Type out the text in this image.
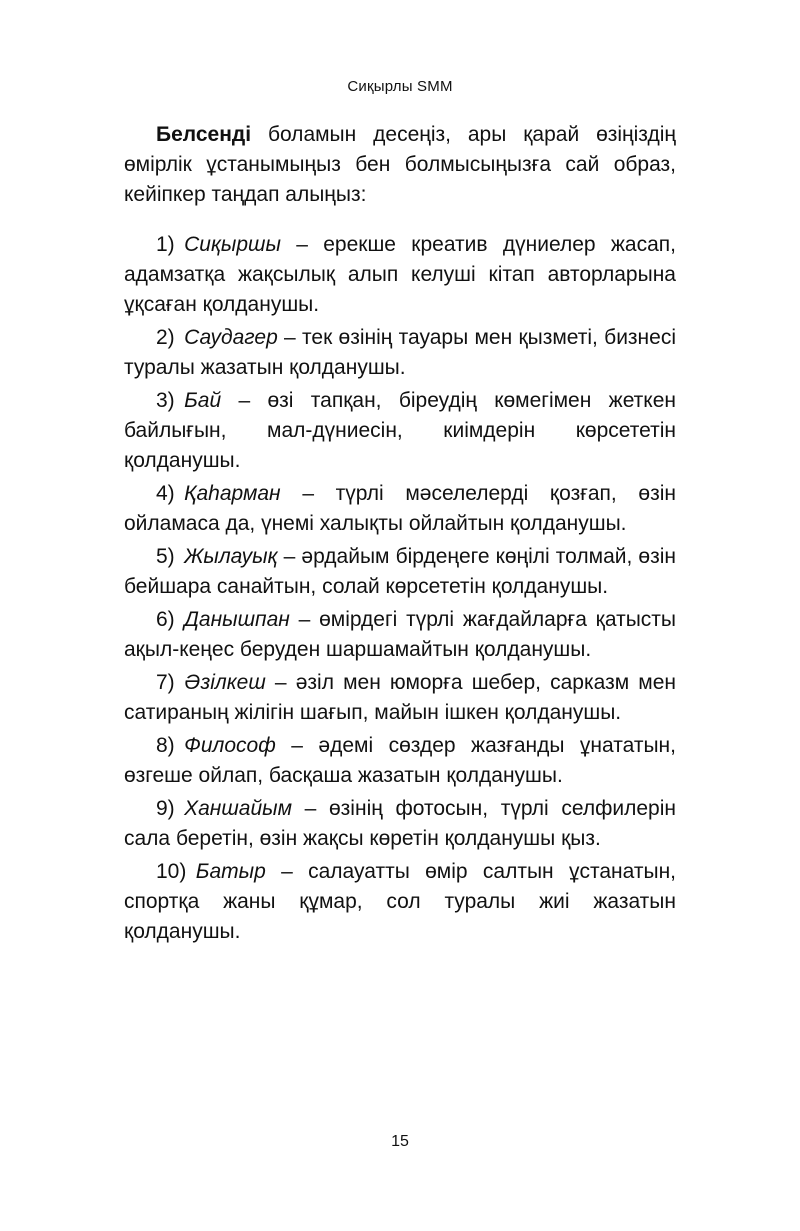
Сиқырлы SMM

Белсенді боламын десеңіз, ары қарай өзіңіздің өмірлік ұстанымыңыз бен болмысыңызға сай образ, кейіпкер таңдап алыңыз:

1) Сиқыршы – ерекше креатив дүниелер жасап, адамзатқа жақсылық алып келуші кітап авторларына ұқсаған қолданушы.
2) Саудагер – тек өзінің тауары мен қызметі, бизнесі туралы жазатын қолданушы.
3) Бай – өзі тапқан, біреудің көмегімен жеткен байлығын, мал-дүниесін, киімдерін көрсететін қолданушы.
4) Қаһарман – түрлі мәселелерді қозғап, өзін ойламаса да, үнемі халықты ойлайтын қолданушы.
5) Жылауық – әрдайым бірдеңеге көңілі толмай, өзін бейшара санайтын, солай көрсететін қолданушы.
6) Данышпан – өмірдегі түрлі жағдайларға қатысты ақыл-кеңес беруден шаршамайтын қолданушы.
7) Әзілкеш – әзіл мен юморға шебер, сарказм мен сатираның жілігін шағып, майын ішкен қолданушы.
8) Философ – әдемі сөздер жазғанды ұнататын, өзгеше ойлап, басқаша жазатын қолданушы.
9) Ханшайым – өзінің фотосын, түрлі селфилерін сала беретін, өзін жақсы көретін қолданушы қыз.
10) Батыр – салауатты өмір салтын ұстанатын, спортқа жаны құмар, сол туралы жиі жазатын қолданушы.
15
